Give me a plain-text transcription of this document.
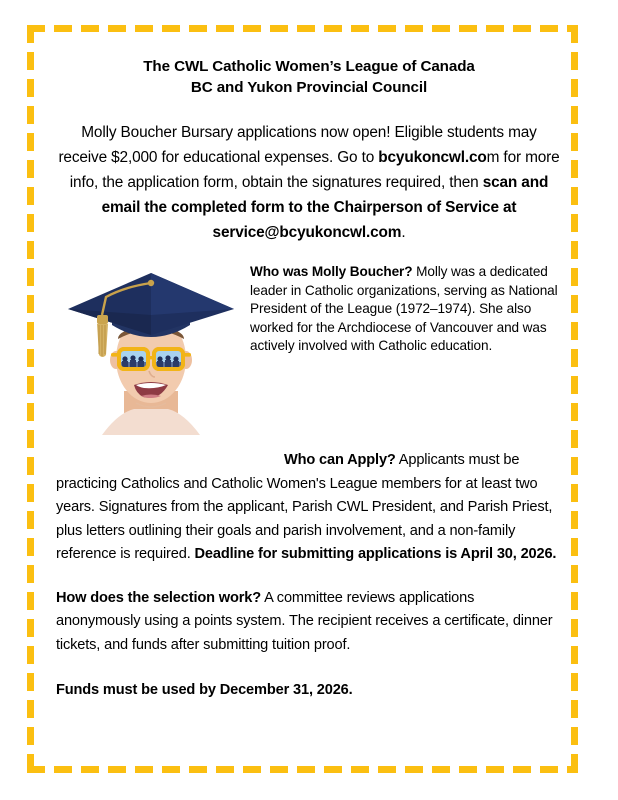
The CWL Catholic Women’s League of Canada
BC and Yukon Provincial Council

Molly Boucher Bursary applications now open! Eligible students may receive $2,000 for educational expenses. Go to bcyukoncwl.com for more info, the application form, obtain the signatures required, then scan and email the completed form to the Chairperson of Service at service@bcyukoncwl.com.

Who was Molly Boucher? Molly was a dedicated leader in Catholic organizations, serving as National President of the League (1972–1974). She also worked for the Archdiocese of Vancouver and was actively involved with Catholic education.

Who can Apply? Applicants must be practicing Catholics and Catholic Women's League members for at least two years. Signatures from the applicant, Parish CWL President, and Parish Priest, plus letters outlining their goals and parish involvement, and a non-family reference is required. Deadline for submitting applications is April 30, 2026.

How does the selection work? A committee reviews applications anonymously using a points system. The recipient receives a certificate, dinner tickets, and funds after submitting tuition proof.

Funds must be used by December 31, 2026.
